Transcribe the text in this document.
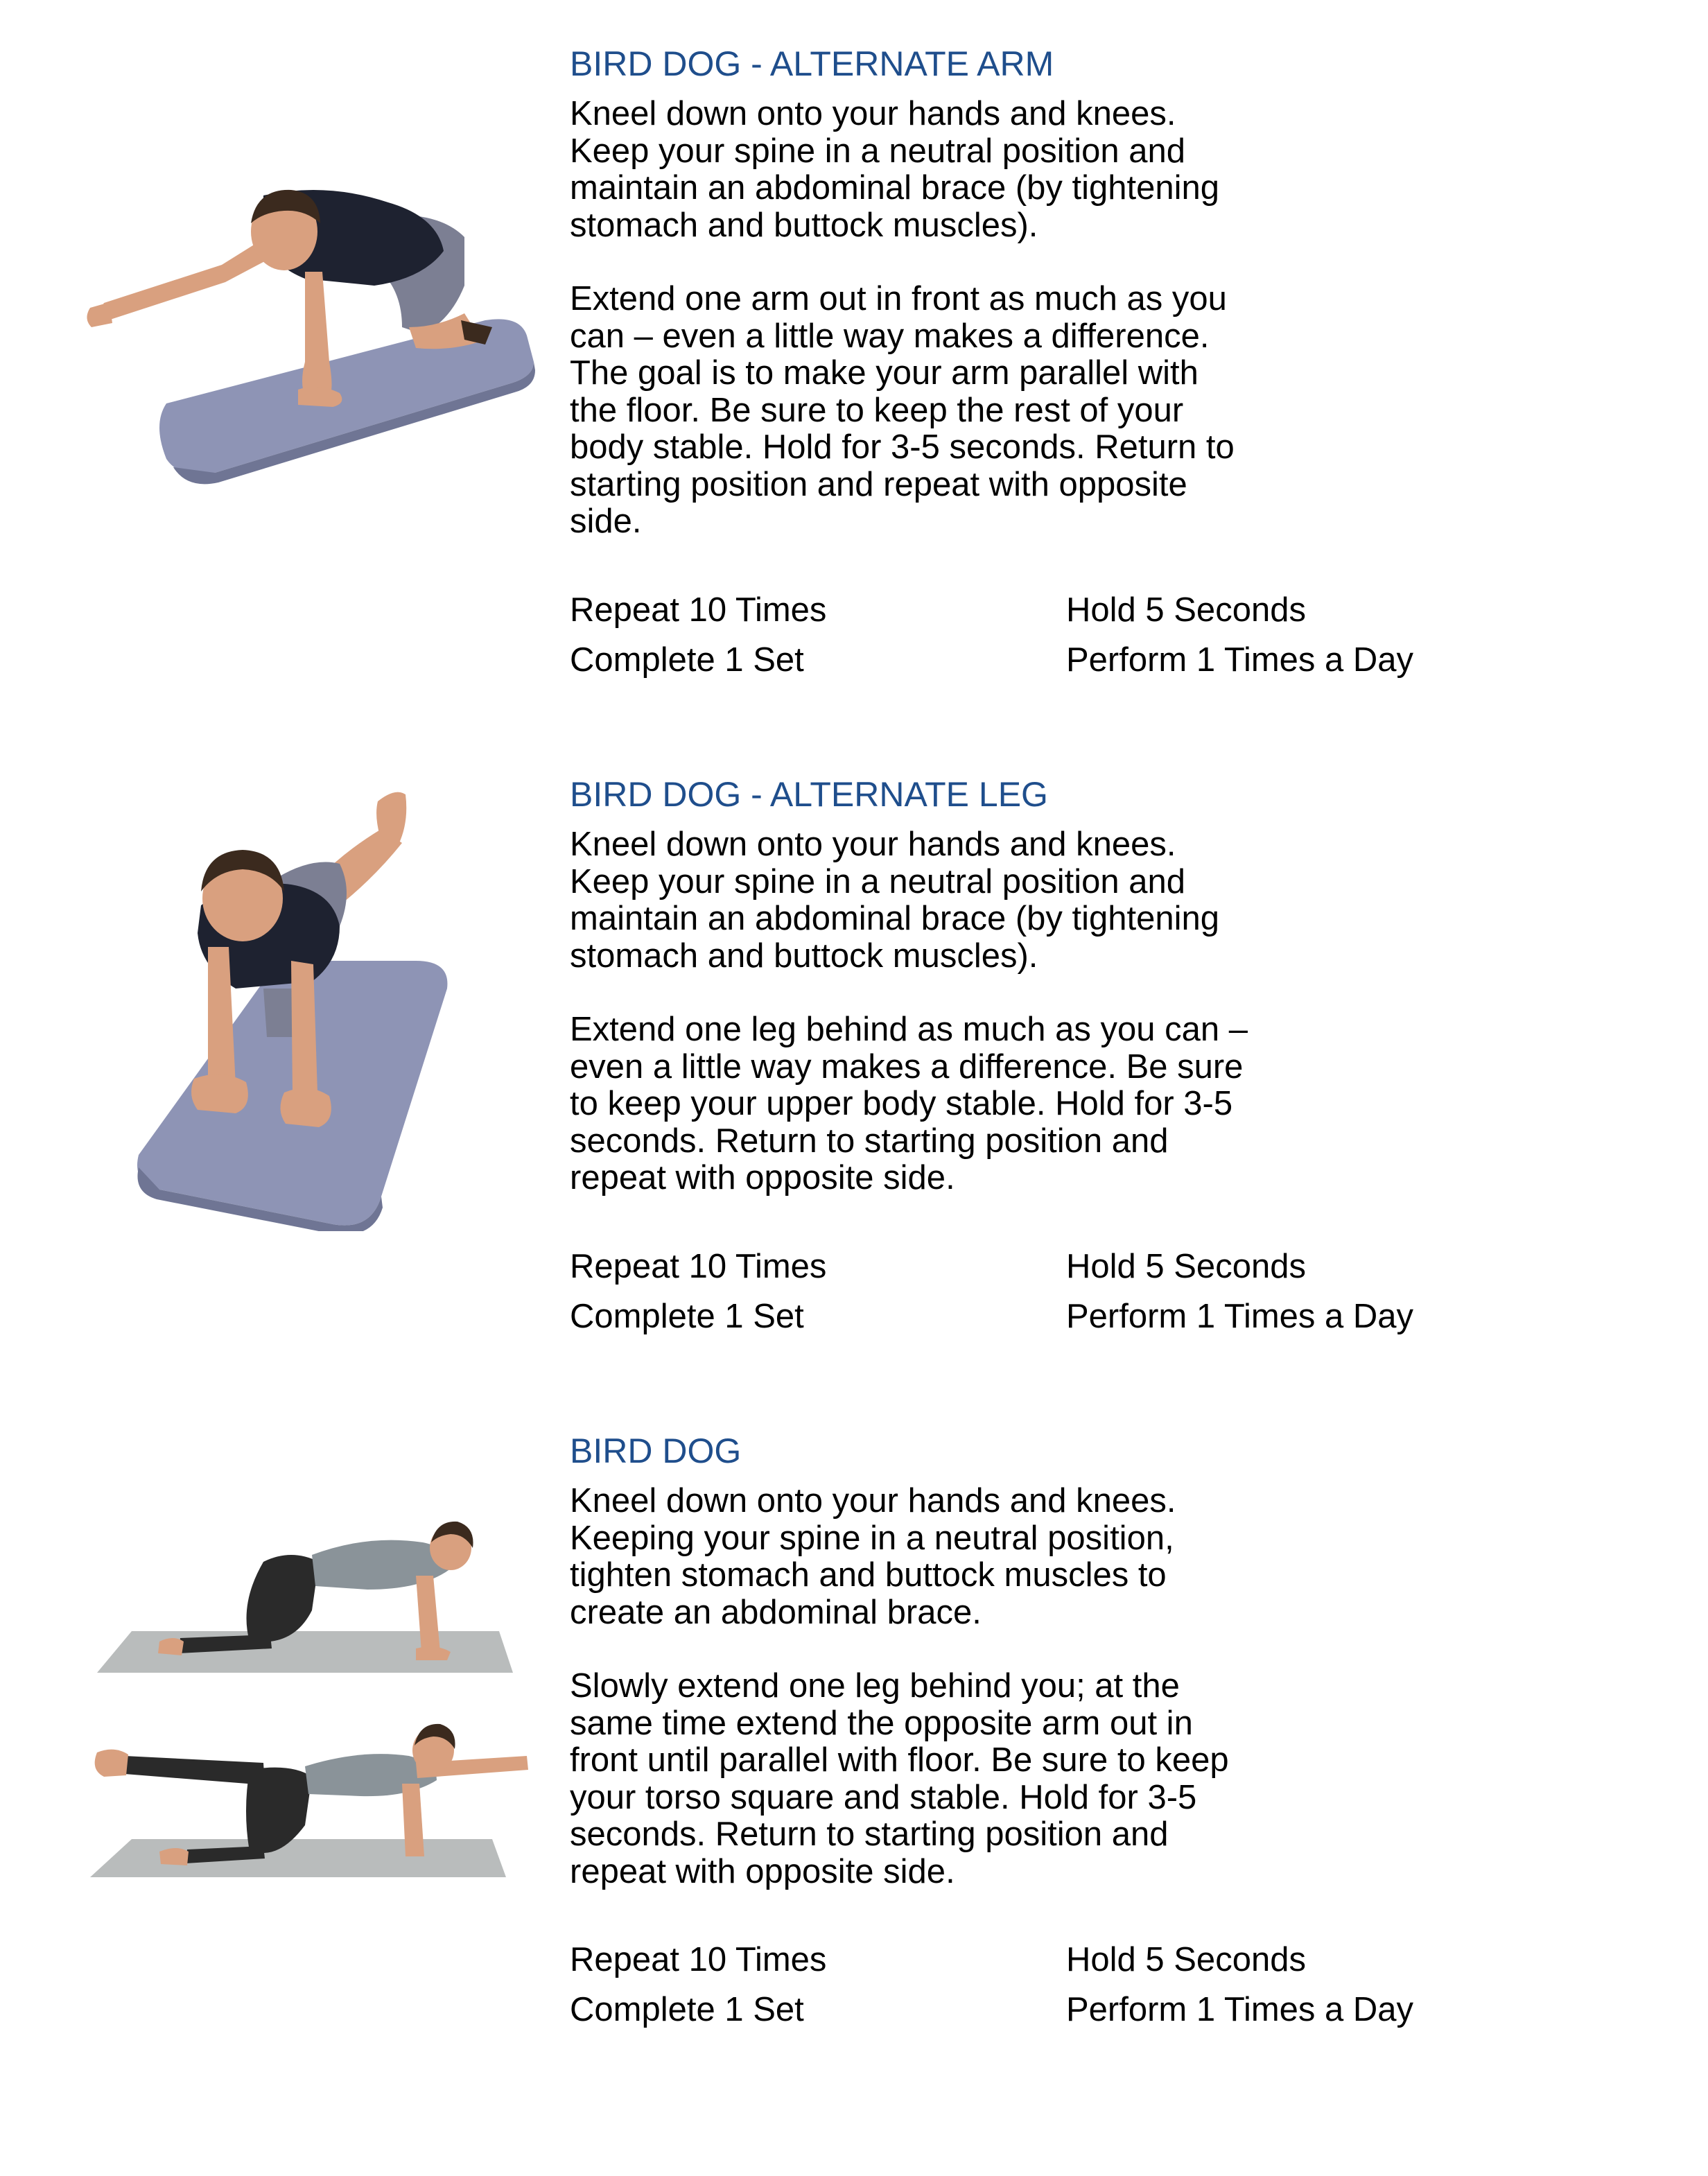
BIRD DOG - ALTERNATE ARM

Kneel down onto your hands and knees.
Keep your spine in a neutral position and
maintain an abdominal brace (by tightening
stomach and buttock muscles).

Extend one arm out in front as much as you
can – even a little way makes a difference.
The goal is to make your arm parallel with
the floor. Be sure to keep the rest of your
body stable. Hold for 3-5 seconds. Return to
starting position and repeat with opposite
side.

Repeat 10 Times	Hold 5 Seconds
Complete 1 Set	Perform 1 Times a Day
BIRD DOG - ALTERNATE LEG

Kneel down onto your hands and knees.
Keep your spine in a neutral position and
maintain an abdominal brace (by tightening
stomach and buttock muscles).

Extend one leg behind as much as you can –
even a little way makes a difference. Be sure
to keep your upper body stable. Hold for 3-5
seconds. Return to starting position and
repeat with opposite side.

Repeat 10 Times	Hold 5 Seconds
Complete 1 Set	Perform 1 Times a Day
BIRD DOG

Kneel down onto your hands and knees.
Keeping your spine in a neutral position,
tighten stomach and buttock muscles to
create an abdominal brace.

Slowly extend one leg behind you; at the
same time extend the opposite arm out in
front until parallel with floor. Be sure to keep
your torso square and stable. Hold for 3-5
seconds. Return to starting position and
repeat with opposite side.

Repeat 10 Times	Hold 5 Seconds
Complete 1 Set	Perform 1 Times a Day
